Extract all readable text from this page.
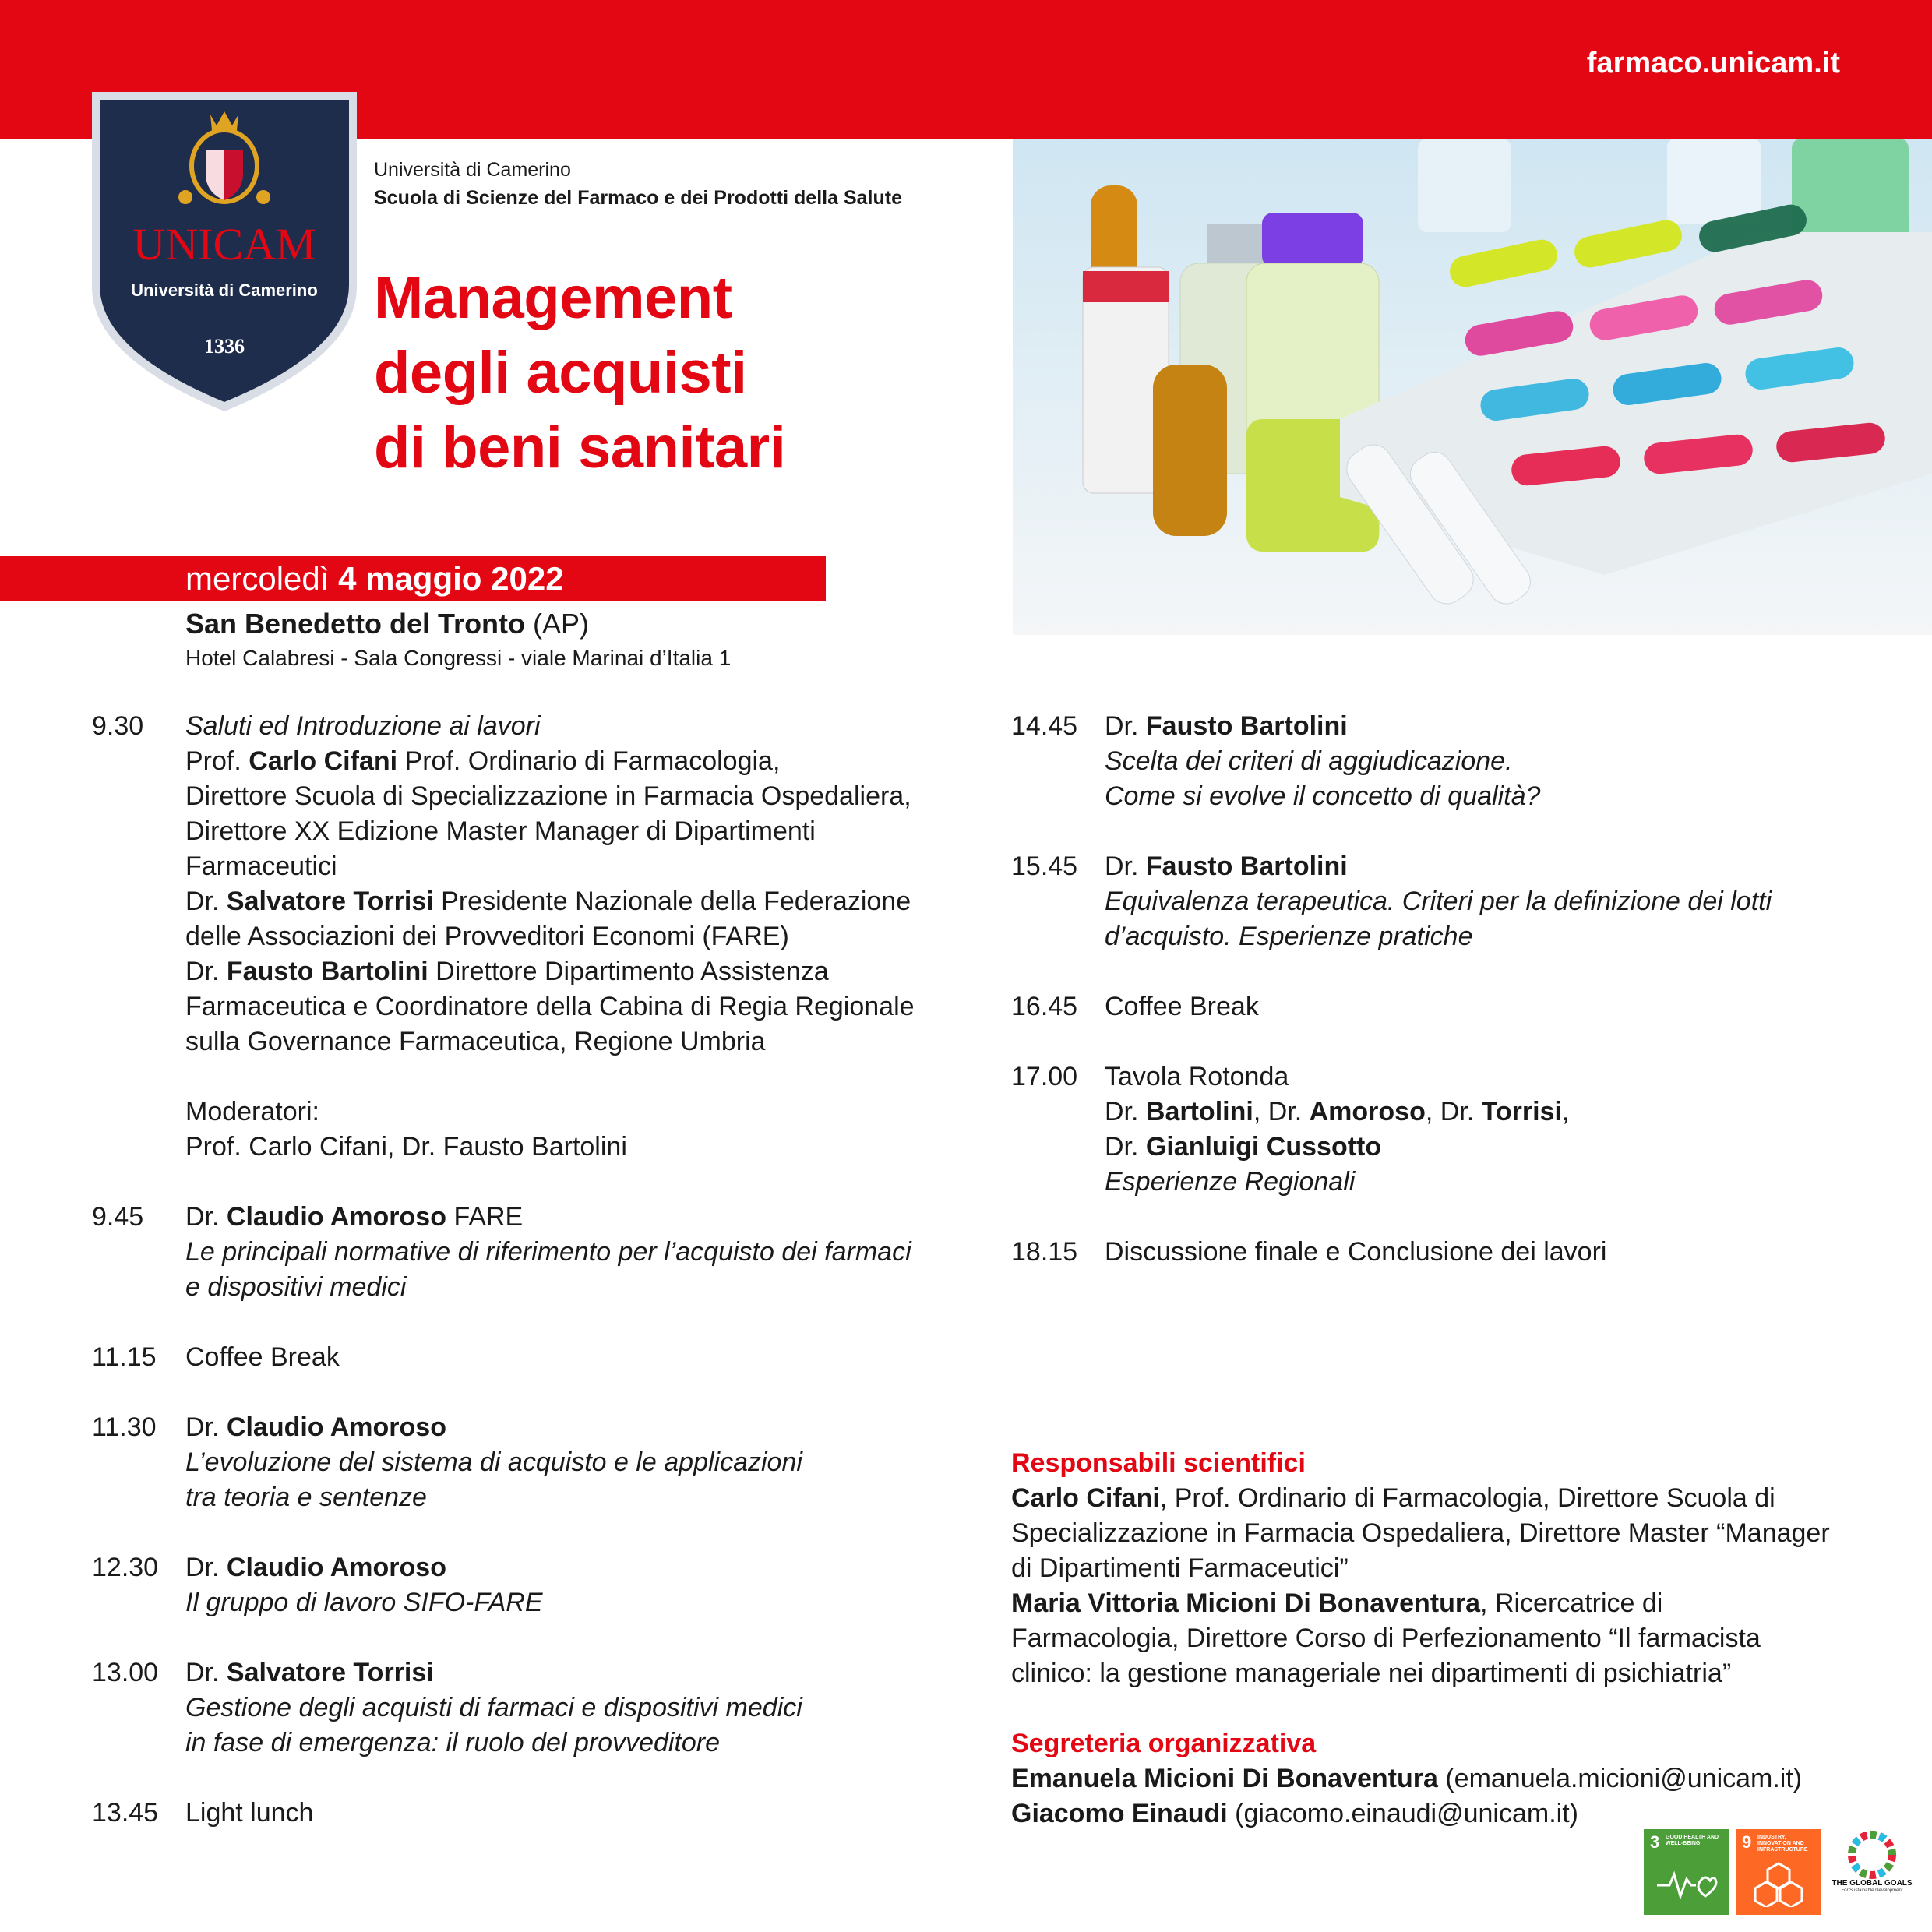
farmaco.unicam.it
UNICAM
Università di Camerino
1336
Università di Camerino
Scuola di Scienze del Farmaco e dei Prodotti della Salute
Management
degli acquisti
di beni sanitari
mercoledì 4 maggio 2022
San Benedetto del Tronto (AP)
Hotel Calabresi - Sala Congressi - viale Marinai d’Italia 1
9.30	Saluti ed Introduzione ai lavori
Prof. Carlo Cifani Prof. Ordinario di Farmacologia,
Direttore Scuola di Specializzazione in Farmacia Ospedaliera,
Direttore XX Edizione Master Manager di Dipartimenti
Farmaceutici
Dr. Salvatore Torrisi Presidente Nazionale della Federazione
delle Associazioni dei Provveditori Economi (FARE)
Dr. Fausto Bartolini Direttore Dipartimento Assistenza
Farmaceutica e Coordinatore della Cabina di Regia Regionale
sulla Governance Farmaceutica, Regione Umbria
Moderatori:
Prof. Carlo Cifani, Dr. Fausto Bartolini
9.45	Dr. Claudio Amoroso FARE
Le principali normative di riferimento per l’acquisto dei farmaci
e dispositivi medici
11.15	Coffee Break
11.30	Dr. Claudio Amoroso
L’evoluzione del sistema di acquisto e le applicazioni
tra teoria e sentenze
12.30	Dr. Claudio Amoroso
Il gruppo di lavoro SIFO-FARE
13.00	Dr. Salvatore Torrisi
Gestione degli acquisti di farmaci e dispositivi medici
in fase di emergenza: il ruolo del provveditore
13.45	Light lunch
14.45	Dr. Fausto Bartolini
Scelta dei criteri di aggiudicazione.
Come si evolve il concetto di qualità?
15.45	Dr. Fausto Bartolini
Equivalenza terapeutica. Criteri per la definizione dei lotti
d’acquisto. Esperienze pratiche
16.45	Coffee Break
17.00	Tavola Rotonda
Dr. Bartolini, Dr. Amoroso, Dr. Torrisi,
Dr. Gianluigi Cussotto
Esperienze Regionali
18.15	Discussione finale e Conclusione dei lavori
Responsabili scientifici
Carlo Cifani, Prof. Ordinario di Farmacologia, Direttore Scuola di
Specializzazione in Farmacia Ospedaliera, Direttore Master “Manager
di Dipartimenti Farmaceutici”
Maria Vittoria Micioni Di Bonaventura, Ricercatrice di
Farmacologia, Direttore Corso di Perfezionamento “Il farmacista
clinico: la gestione manageriale nei dipartimenti di psichiatria”
Segreteria organizzativa
Emanuela Micioni Di Bonaventura (emanuela.micioni@unicam.it)
Giacomo Einaudi (giacomo.einaudi@unicam.it)
3 GOOD HEALTH AND WELL-BEING	9 INDUSTRY, INNOVATION AND INFRASTRUCTURE
THE GLOBAL GOALS
For Sustainable Development
